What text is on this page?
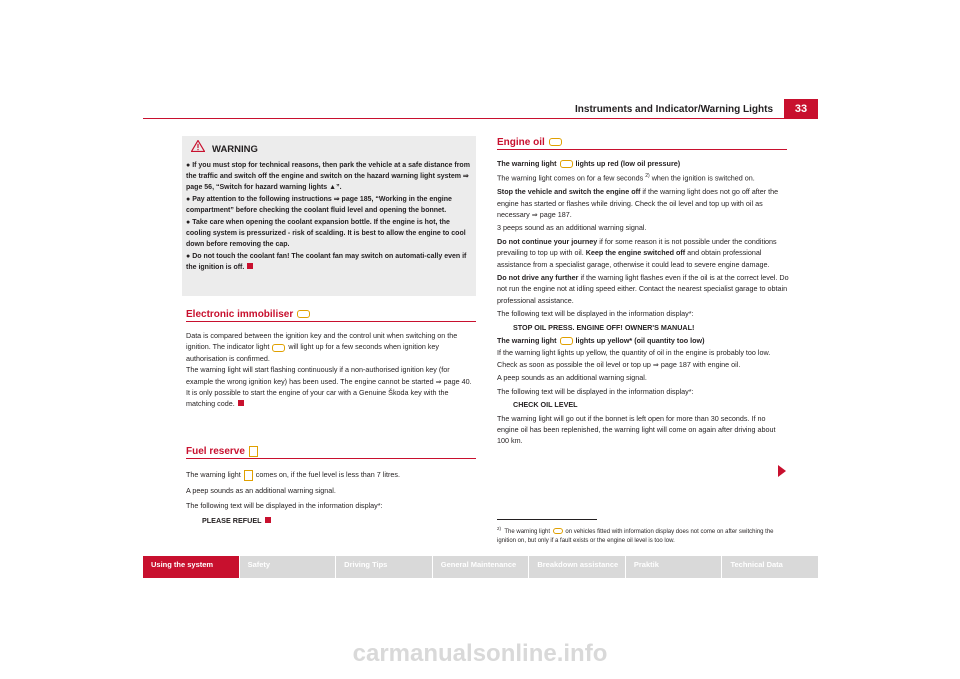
Instruments and Indicator/Warning Lights	33
WARNING

● If you must stop for technical reasons, then park the vehicle at a safe distance from the traffic and switch off the engine and switch on the hazard warning light system ⇒ page 56, “Switch for hazard warning lights ▲”.

● Pay attention to the following instructions ⇒ page 185, “Working in the engine compartment” before checking the coolant fluid level and opening the bonnet.

● Take care when opening the coolant expansion bottle. If the engine is hot, the cooling system is pressurized - risk of scalding. It is best to allow the engine to cool down before removing the cap.

● Do not touch the coolant fan! The coolant fan may switch on automati-cally even if the ignition is off.

Electronic immobiliser

Data is compared between the ignition key and the control unit when switching on the ignition. The indicator light	will light up for a few seconds when ignition key authorisation is confirmed.

The warning light will start flashing continuously if a non-authorised ignition key (for example the wrong ignition key) has been used. The engine cannot be started ⇒ page 40.

It is only possible to start the engine of your car with a Genuine Škoda key with the matching code.

Fuel reserve

The warning light comes on, if the fuel level is less than 7 litres.

A peep sounds as an additional warning signal.

The following text will be displayed in the information display*:

PLEASE REFUEL

Engine oil

The warning light	lights up red (low oil pressure)

The warning light comes on for a few seconds $^{2)}$ when the ignition is switched on.

Stop the vehicle and switch the engine off if the warning light does not go off after the engine has started or flashes while driving. Check the oil level and top up with oil as necessary ⇒ page 187.

3 peeps sound as an additional warning signal.

Do not continue your journey if for some reason it is not possible under the conditions prevailing to top up with oil. Keep the engine switched off and obtain professional assistance from a specialist garage, otherwise it could lead to severe engine damage.

Do not drive any further if the warning light flashes even if the oil is at the correct level. Do not run the engine not at idling speed either. Contact the nearest specialist garage to obtain professional assistance.

The following text will be displayed in the information display*:

STOP OIL PRESS. ENGINE OFF! OWNER'S MANUAL!

The warning light	lights up yellow* (oil quantity too low)

If the warning light lights up yellow, the quantity of oil in the engine is probably too low. Check as soon as possible the oil level or top up ⇒ page 187 with engine oil.

A peep sounds as an additional warning signal.

The following text will be displayed in the information display*:

CHECK OIL LEVEL

The warning light will go out if the bonnet is left open for more than 30 seconds. If no engine oil has been replenished, the warning light will come on again after driving about 100 km.

$^{2)}$  The warning light	on vehicles fitted with information display does not come on after switching the ignition on, but only if a fault exists or the engine oil level is too low.
Using the system	Safety	Driving Tips	General Maintenance	Breakdown assistance	Praktik	Technical Data
carmanualsonline.info
